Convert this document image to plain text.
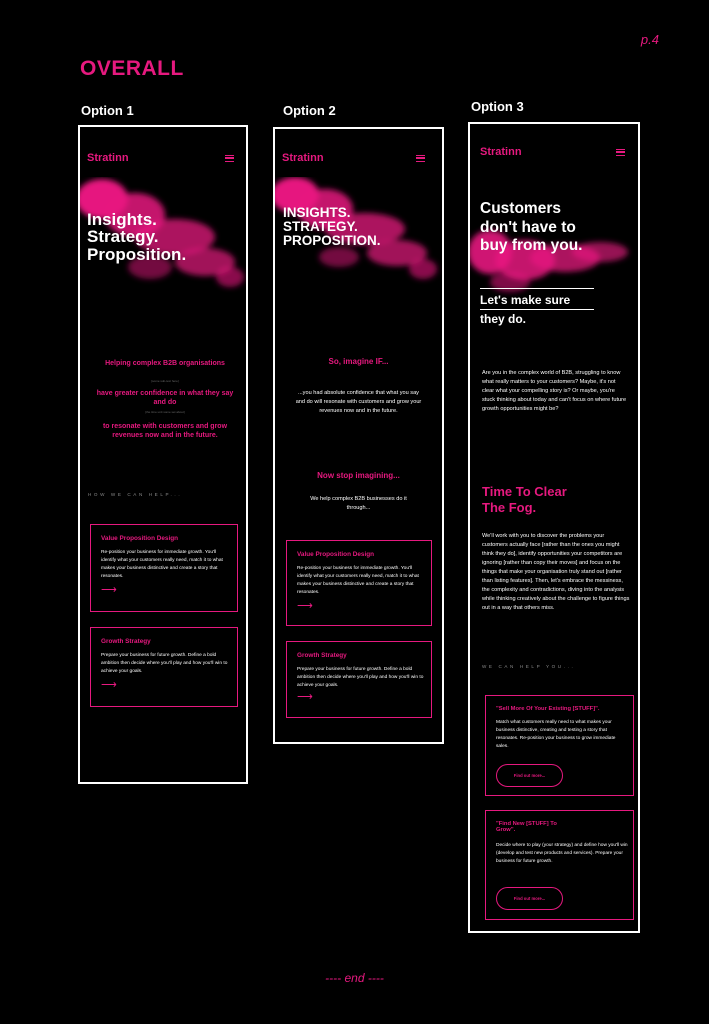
p.4
OVERALL
Option 1	Option 2	Option 3
Stratinn
Insights.
Strategy.
Proposition.
Helping complex B2B organisations
[some sub-text here]
have greater confidence in what they say and do
[the time unit some set about]
to resonate with customers and grow revenues now and in the future.
HOW WE CAN HELP...
Value Proposition Design
Re-position your business for immediate growth. You'll identify what your customers really need, match it to what makes your business distinctive and create a story that resonates.
⟶
Growth Strategy
Prepare your business for future growth. Define a bold ambition then decide where you'll play and how you'll win to achieve your goals.
⟶
Stratinn
INSIGHTS.
STRATEGY.
PROPOSITION.
So, imagine IF...
...you had absolute confidence that what you say and do will resonate with customers and grow your revenues now and in the future.
Now stop imagining...
We help complex B2B businesses do it through...
Value Proposition Design
Re-position your business for immediate growth. You'll identify what your customers really need, match it to what makes your business distinctive and create a story that resonates.
⟶
Growth Strategy
Prepare your business for future growth. Define a bold ambition then decide where you'll play and how you'll win to achieve your goals.
⟶
Stratinn
Customers
don't have to
buy from you.
Let's make sure
they do.
Are you in the complex world of B2B, struggling to know what really matters to your customers? Maybe, it's not clear what your compelling story is? Or maybe, you're stuck thinking about today and can't focus on where future growth opportunities might be?
Time To Clear
The Fog.
We'll work with you to discover the problems your customers actually face [rather than the ones you might think they do], identify opportunities your competitors are ignoring [rather than copy their moves] and focus on the things that make your organisation truly stand out [rather than listing features]. Then, let's embrace the messiness, the complexity and contradictions, diving into the analysis while thinking creatively about the challenge to figure things out in a way that others miss.
WE CAN HELP YOU...
"Sell More Of Your Existing [STUFF]".
Match what customers really need to what makes your business distinctive, creating and testing a story that resonates. Re-position your business to grow immediate sales.
Find out more...
"Find New [STUFF] To Grow".
Decide where to play (your strategy) and define how you'll win (develop and test new products and services). Prepare your business for future growth.
Find out more...
---- end ----
